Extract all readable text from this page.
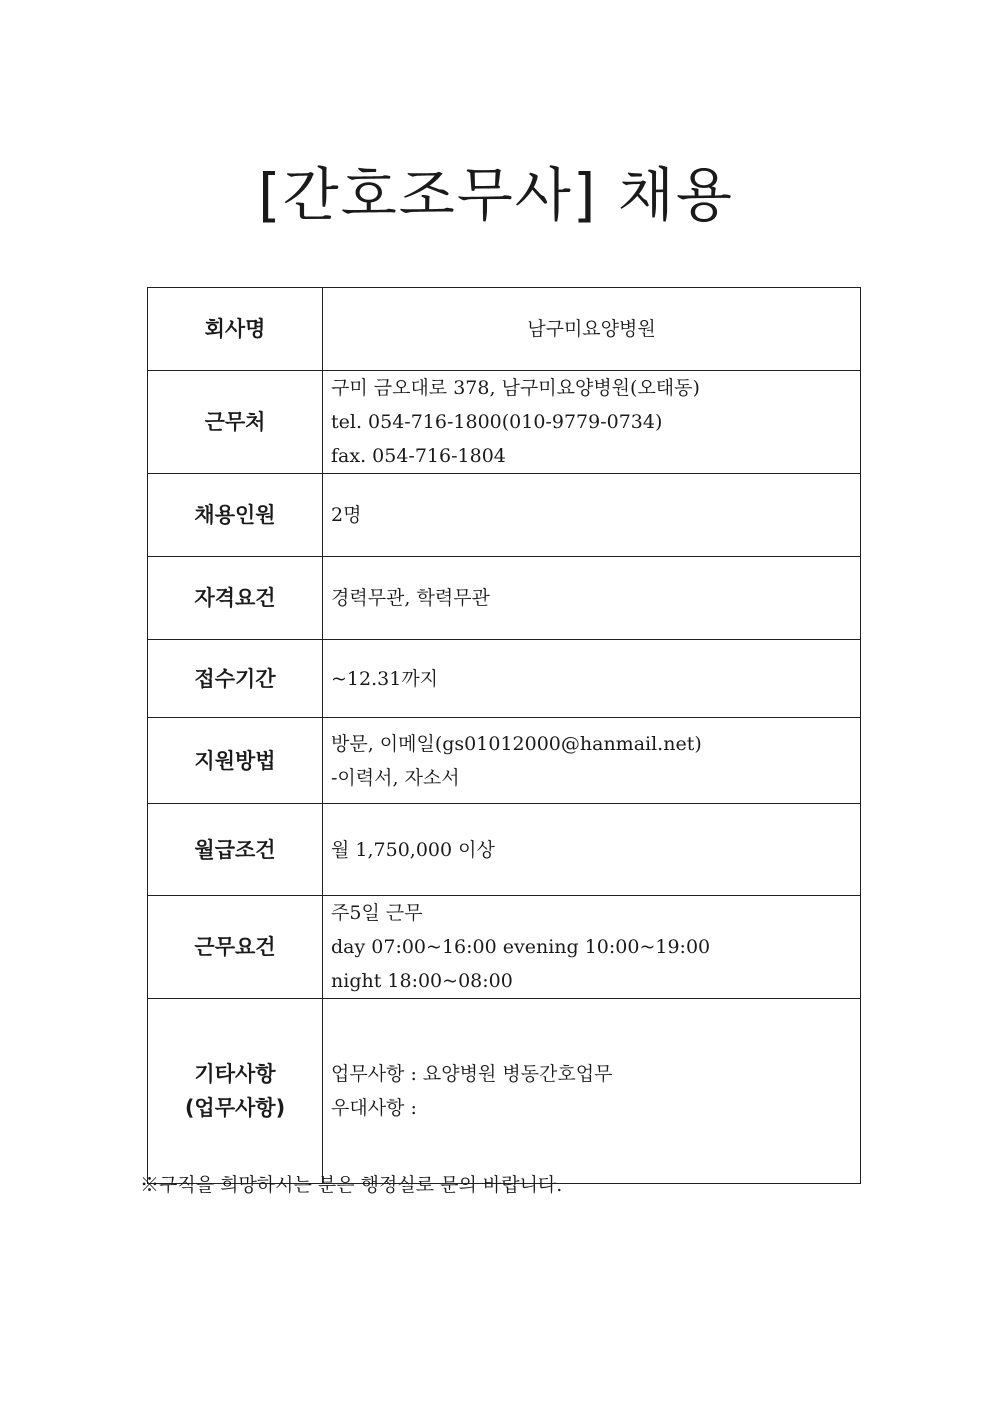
[간호조무사] 채용
회사명	남구미요양병원

근무처	구미 금오대로 378, 남구미요양병원(오태동)
tel. 054-716-1800(010-9779-0734)
fax. 054-716-1804

채용인원	2명

자격요건	경력무관, 학력무관

접수기간	~12.31까지

지원방법	방문, 이메일(gs01012000@hanmail.net)
-이력서, 자소서

월급조건	월 1,750,000 이상

근무요건	주5일 근무
day 07:00~16:00 evening 10:00~19:00
night 18:00~08:00

기타사항
(업무사항)	업무사항 : 요양병원 병동간호업무
우대사항 :
※구직을 희망하시는 분은 행정실로 문의 바랍니다.
